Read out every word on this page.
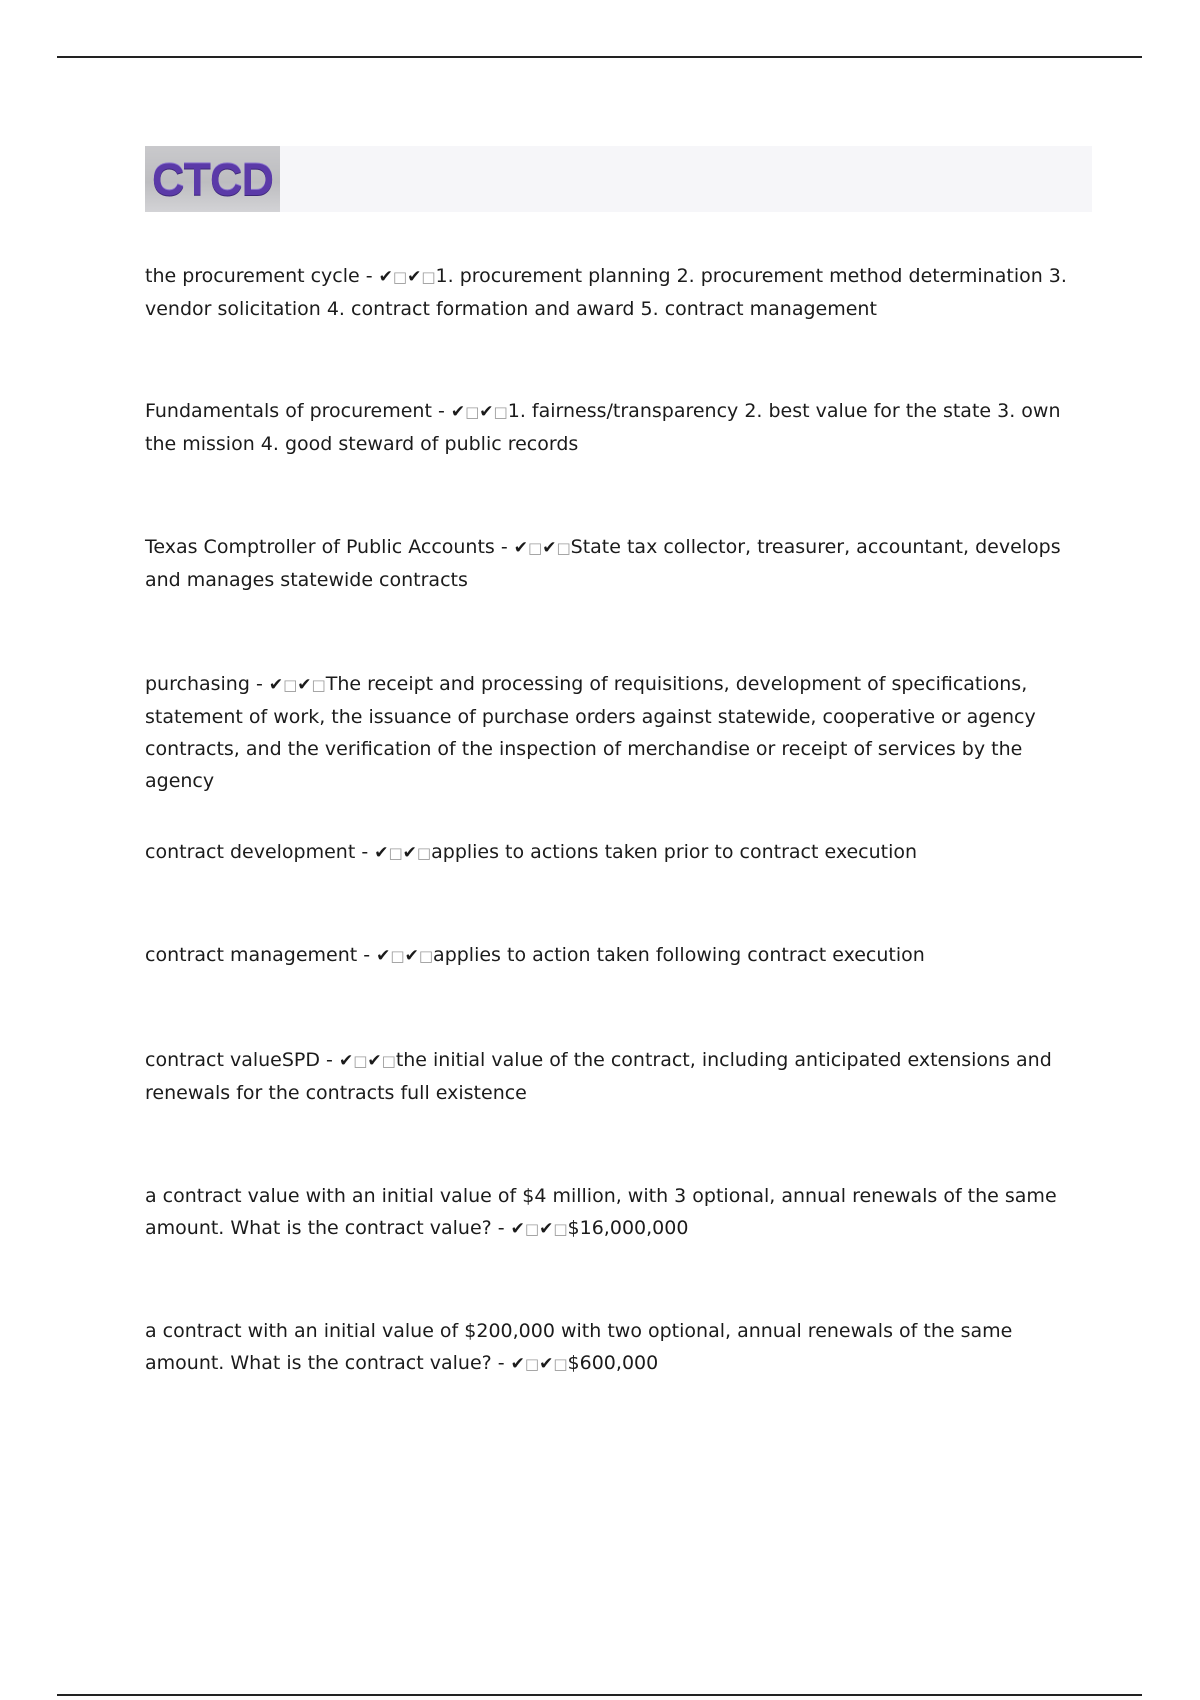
CTCD

the procurement cycle - ✔□✔□1. procurement planning 2. procurement method determination 3. vendor solicitation 4. contract formation and award 5. contract management

Fundamentals of procurement - ✔□✔□1. fairness/transparency 2. best value for the state 3. own the mission 4. good steward of public records

Texas Comptroller of Public Accounts - ✔□✔□State tax collector, treasurer, accountant, develops and manages statewide contracts

purchasing - ✔□✔□The receipt and processing of requisitions, development of specifications, statement of work, the issuance of purchase orders against statewide, cooperative or agency contracts, and the verification of the inspection of merchandise or receipt of services by the agency

contract development - ✔□✔□applies to actions taken prior to contract execution

contract management - ✔□✔□applies to action taken following contract execution

contract valueSPD - ✔□✔□the initial value of the contract, including anticipated extensions and renewals for the contracts full existence

a contract value with an initial value of $4 million, with 3 optional, annual renewals of the same amount. What is the contract value? - ✔□✔□$16,000,000

a contract with an initial value of $200,000 with two optional, annual renewals of the same amount. What is the contract value? - ✔□✔□$600,000
